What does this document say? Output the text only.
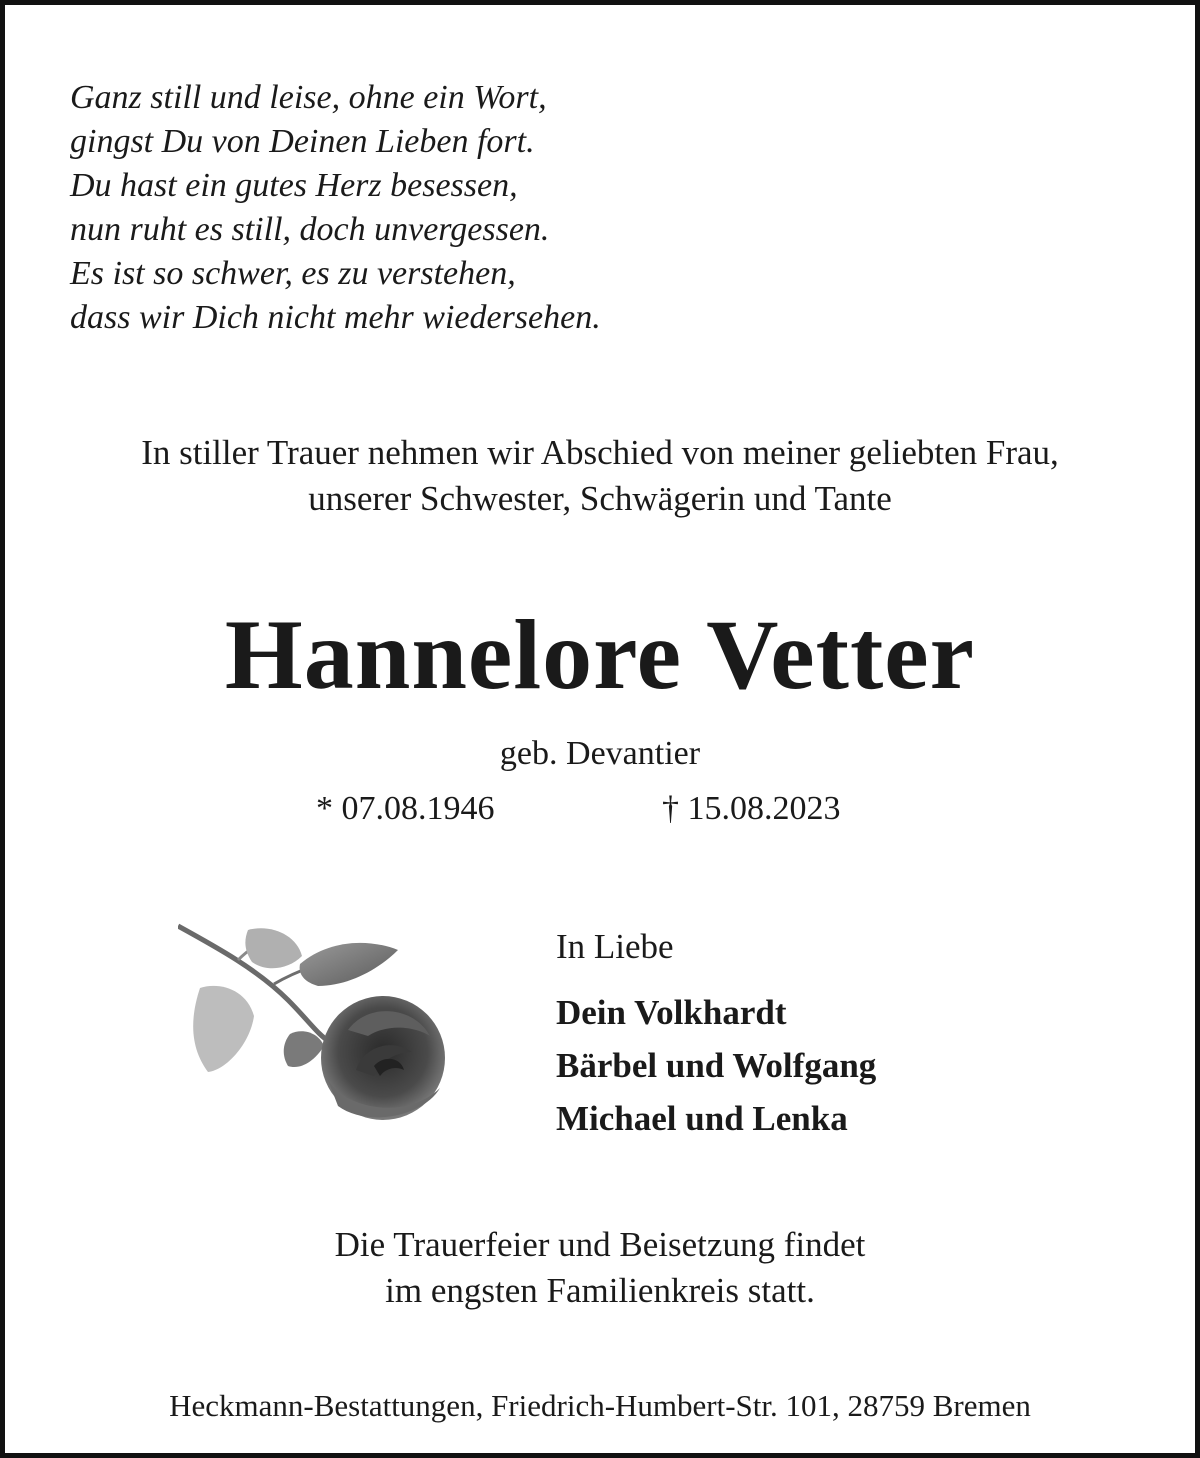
Ganz still und leise, ohne ein Wort,
gingst Du von Deinen Lieben fort.
Du hast ein gutes Herz besessen,
nun ruht es still, doch unvergessen.
Es ist so schwer, es zu verstehen,
dass wir Dich nicht mehr wiedersehen.
In stiller Trauer nehmen wir Abschied von meiner geliebten Frau,
unserer Schwester, Schwägerin und Tante
Hannelore Vetter
geb. Devantier
* 07.08.1946	† 15.08.2023
In Liebe
Dein Volkhardt
Bärbel und Wolfgang
Michael und Lenka
Die Trauerfeier und Beisetzung findet
im engsten Familienkreis statt.
Heckmann-Bestattungen, Friedrich-Humbert-Str. 101, 28759 Bremen
